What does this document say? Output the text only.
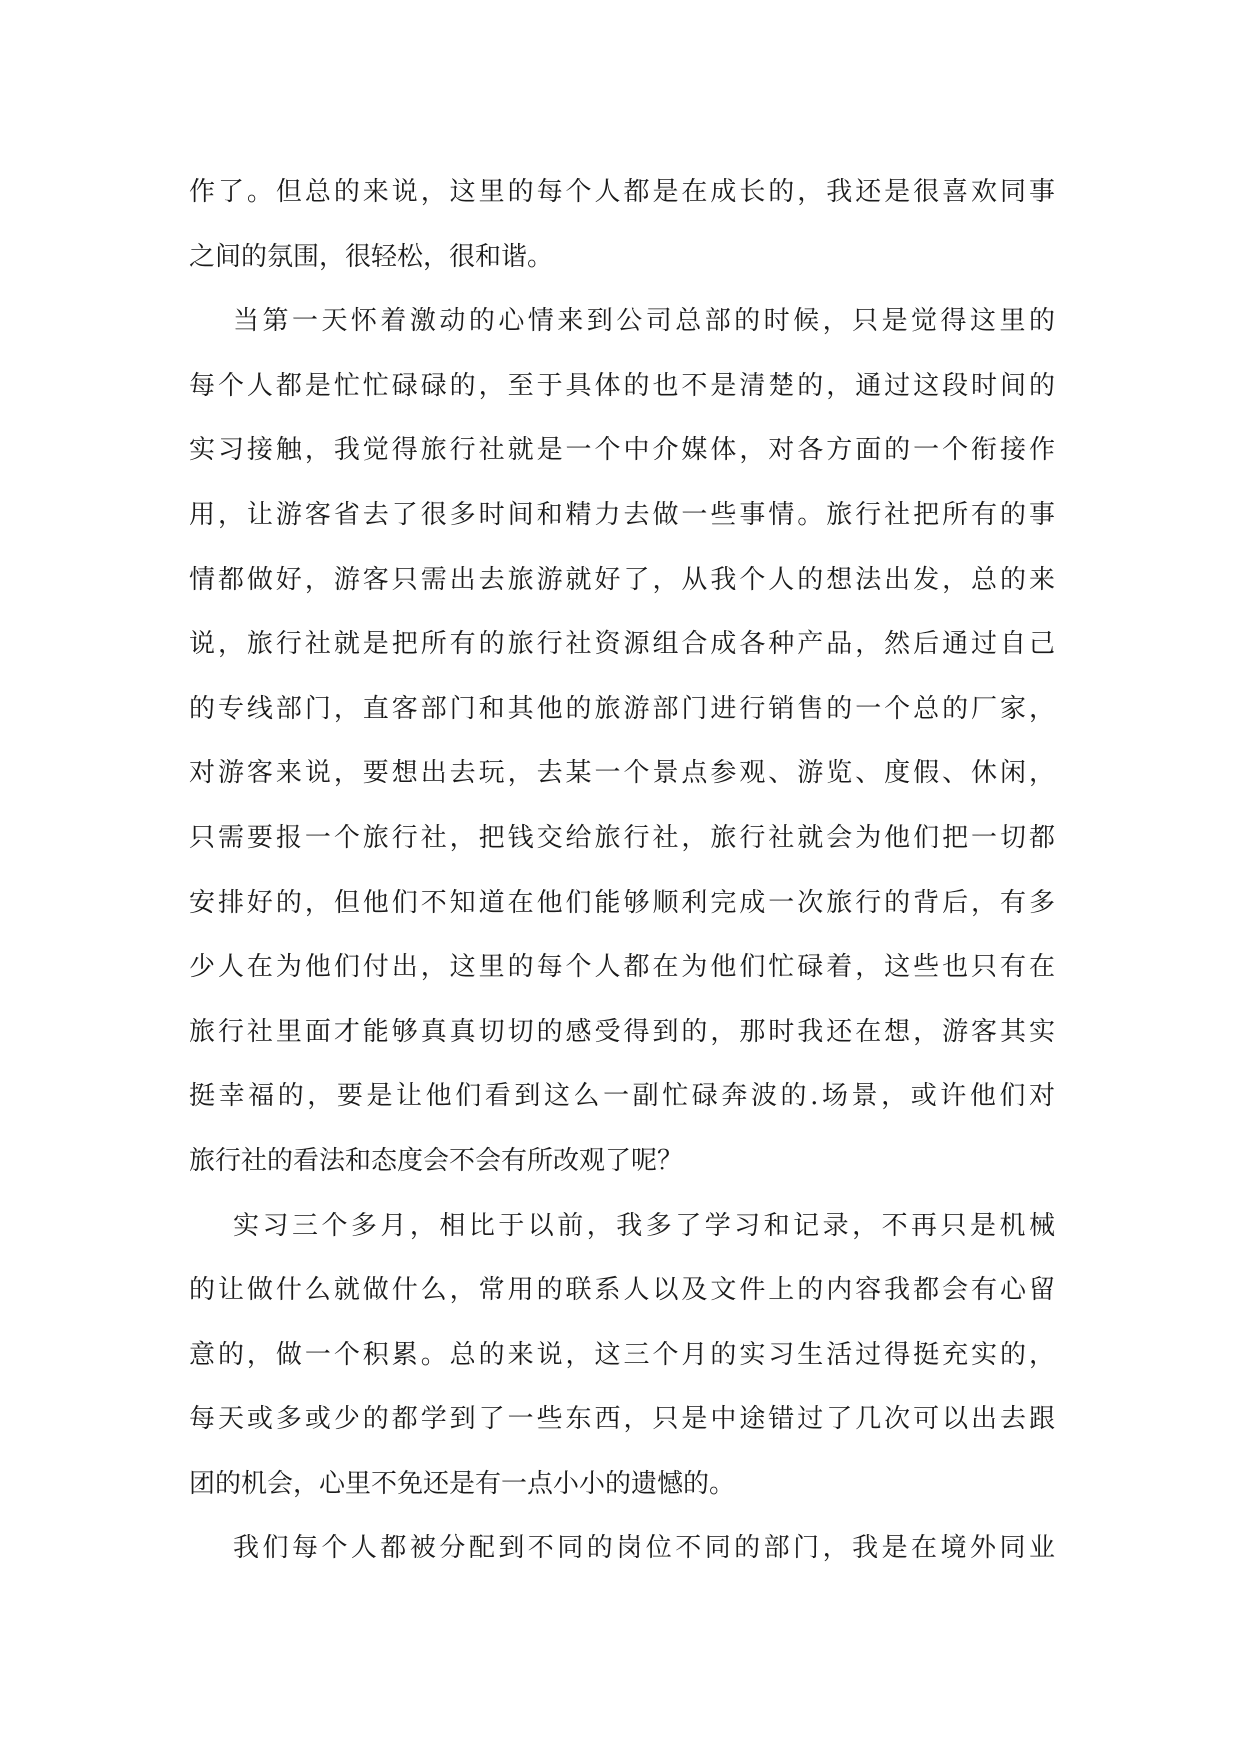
作了。但总的来说，这里的每个人都是在成长的，我还是很喜欢同事
之间的氛围，很轻松，很和谐。
当第一天怀着激动的心情来到公司总部的时候，只是觉得这里的
每个人都是忙忙碌碌的，至于具体的也不是清楚的，通过这段时间的
实习接触，我觉得旅行社就是一个中介媒体，对各方面的一个衔接作
用，让游客省去了很多时间和精力去做一些事情。旅行社把所有的事
情都做好，游客只需出去旅游就好了，从我个人的想法出发，总的来
说，旅行社就是把所有的旅行社资源组合成各种产品，然后通过自己
的专线部门，直客部门和其他的旅游部门进行销售的一个总的厂家，
对游客来说，要想出去玩，去某一个景点参观、游览、度假、休闲，
只需要报一个旅行社，把钱交给旅行社，旅行社就会为他们把一切都
安排好的，但他们不知道在他们能够顺利完成一次旅行的背后，有多
少人在为他们付出，这里的每个人都在为他们忙碌着，这些也只有在
旅行社里面才能够真真切切的感受得到的，那时我还在想，游客其实
挺幸福的，要是让他们看到这么一副忙碌奔波的.场景，或许他们对
旅行社的看法和态度会不会有所改观了呢？
实习三个多月，相比于以前，我多了学习和记录，不再只是机械
的让做什么就做什么，常用的联系人以及文件上的内容我都会有心留
意的，做一个积累。总的来说，这三个月的实习生活过得挺充实的，
每天或多或少的都学到了一些东西，只是中途错过了几次可以出去跟
团的机会，心里不免还是有一点小小的遗憾的。
我们每个人都被分配到不同的岗位不同的部门，我是在境外同业
